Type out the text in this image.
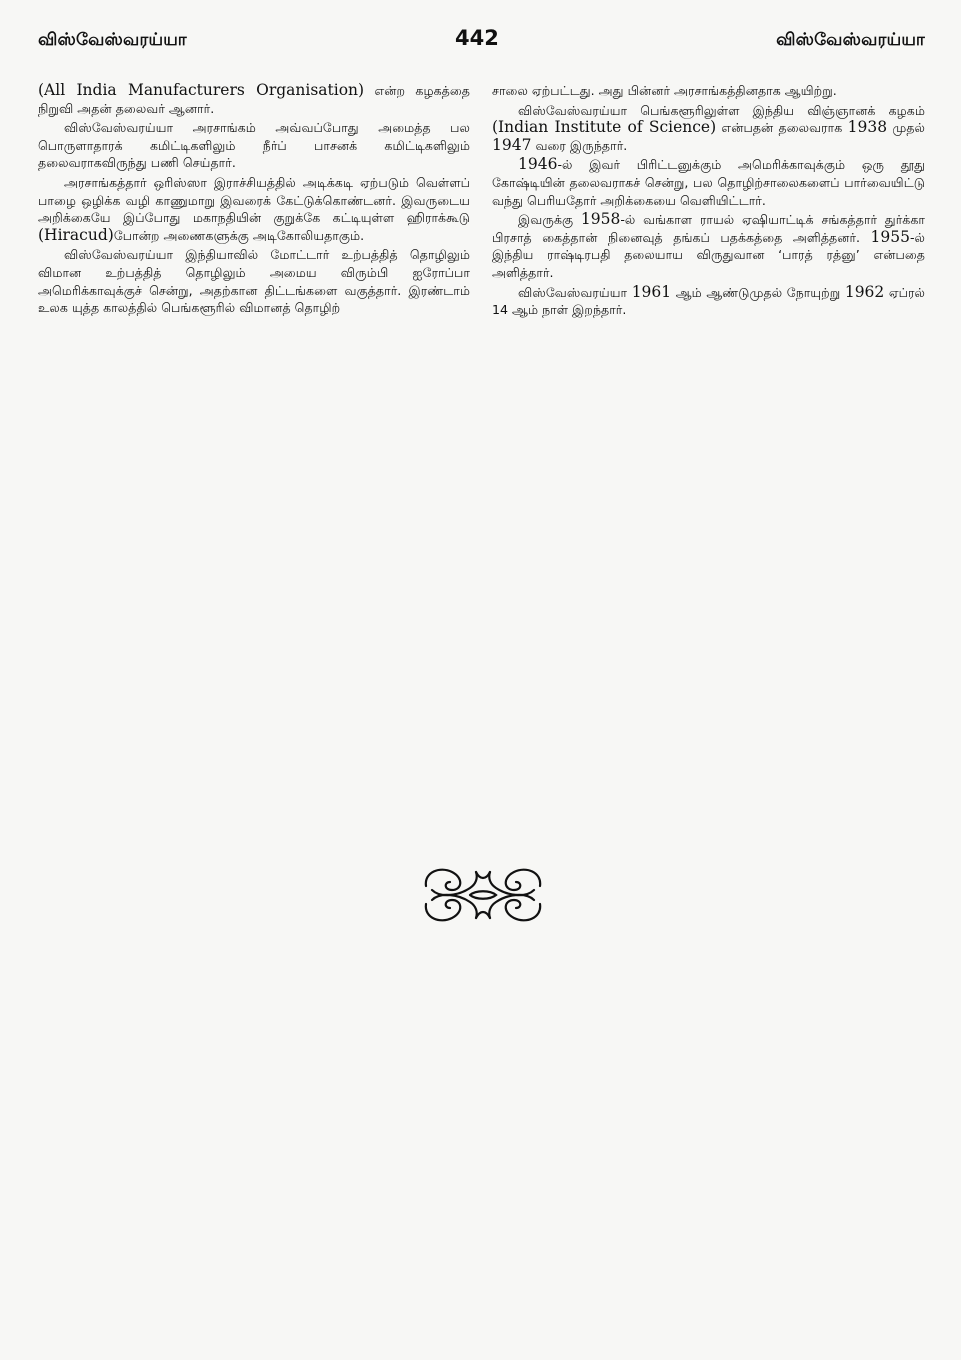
விஸ்வேஸ்வரய்யா	442	விஸ்வேஸ்வரய்யா

(All India Manufacturers Organisation) என்ற கழகத்தை நிறுவி அதன் தலைவர் ஆனார்.

விஸ்வேஸ்வரய்யா அரசாங்கம் அவ்வப்போது அமைத்த பல பொருளாதாரக் கமிட்டிகளிலும் நீர்ப் பாசனக் கமிட்டிகளிலும் தலைவராகவிருந்து பணி செய்தார்.

அரசாங்கத்தார் ஒரிஸ்ஸா இராச்சியத்தில் அடிக்கடி ஏற்படும் வெள்ளப் பாழை ஒழிக்க வழி காணுமாறு இவரைக் கேட்டுக்கொண்டனர். இவருடைய அறிக்கையே இப்போது மகாநதியின் குறுக்கே கட்டியுள்ள ஹிராக்கூடு (Hiracud)போன்ற அணைகளுக்கு அடிகோலியதாகும்.

விஸ்வேஸ்வரய்யா இந்தியாவில் மோட்டார் உற்பத்தித் தொழிலும் விமான உற்பத்தித் தொழிலும் அமைய விரும்பி ஐரோப்பா அமெரிக்காவுக்குச் சென்று, அதற்கான திட்டங்களை வகுத்தார். இரண்டாம் உலக யுத்த காலத்தில் பெங்களூரில் விமானத் தொழிற்

சாலை ஏற்பட்டது. அது பின்னர் அரசாங்கத்தினதாக ஆயிற்று.

விஸ்வேஸ்வரய்யா பெங்களூரிலுள்ள இந்திய விஞ்ஞானக் கழகம் (Indian Institute of Science) என்பதன் தலைவராக 1938 முதல் 1947 வரை இருந்தார்.

1946-ல் இவர் பிரிட்டனுக்கும் அமெரிக்காவுக்கும் ஒரு தூது கோஷ்டியின் தலைவராகச் சென்று, பல தொழிற்சாலைகளைப் பார்வையிட்டு வந்து பெரியதோர் அறிக்கையை வெளியிட்டார்.

இவருக்கு 1958-ல் வங்காள ராயல் ஏஷியாட்டிக் சங்கத்தார் துர்க்கா பிரசாத் கைத்தான் நினைவுத் தங்கப் பதக்கத்தை அளித்தனர். 1955-ல் இந்திய ராஷ்டிரபதி தலையாய விருதுவான ‘பாரத் ரத்னு’ என்பதை அளித்தார்.

விஸ்வேஸ்வரய்யா 1961 ஆம் ஆண்டுமுதல் நோயுற்று 1962 ஏப்ரல் 14 ஆம் நாள் இறந்தார்.
